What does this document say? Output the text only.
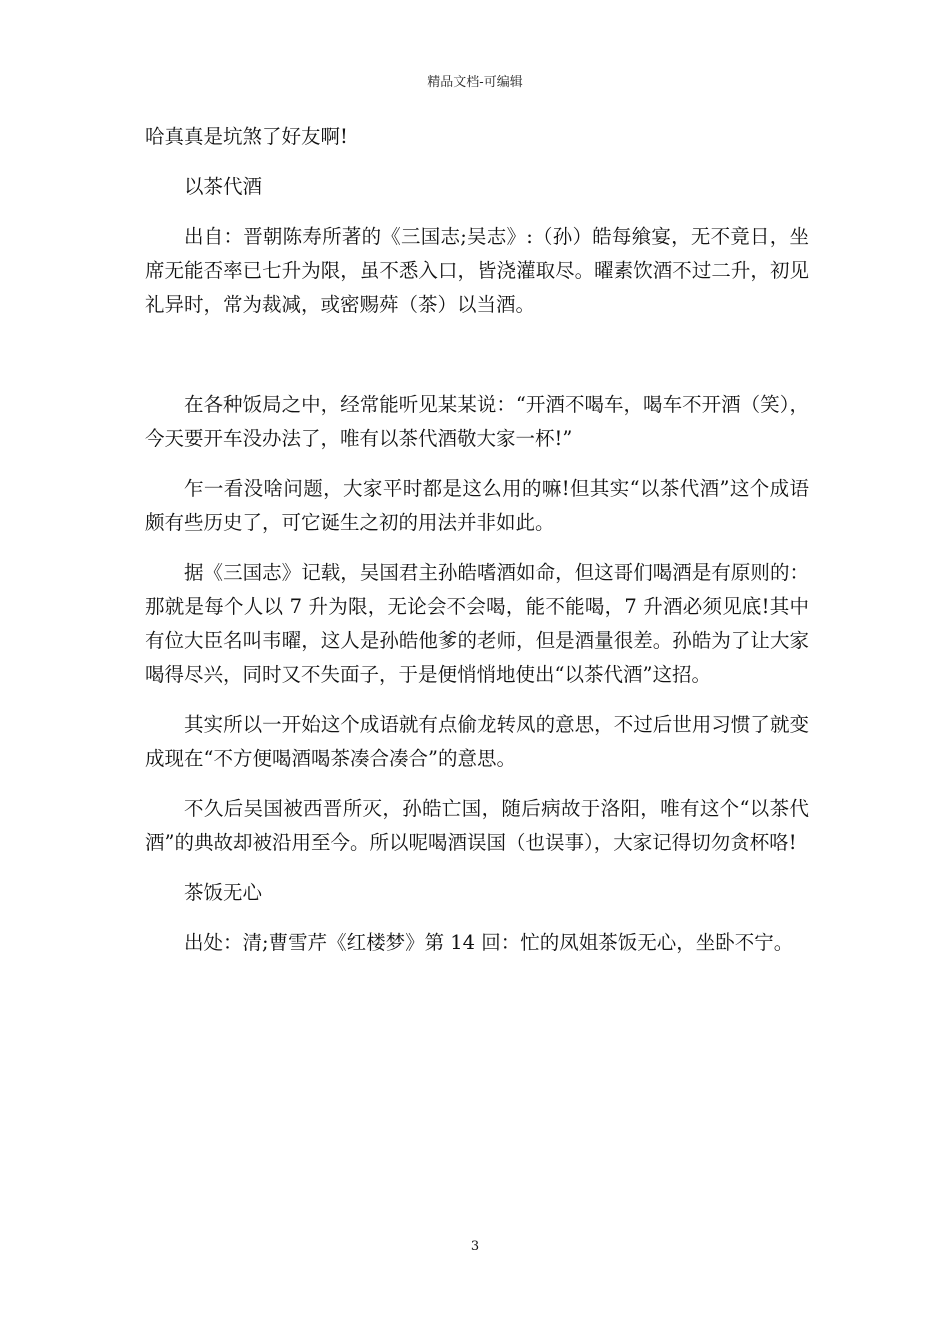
精品文档-可编辑

哈真真是坑煞了好友啊!

以茶代酒

出自：晋朝陈寿所著的《三国志;吴志》:（孙）皓每飨宴，无不竟日，坐席无能否率已七升为限，虽不悉入口，皆浇灌取尽。曜素饮酒不过二升，初见礼异时，常为裁减，或密赐荈（茶）以当酒。

在各种饭局之中，经常能听见某某说：“开酒不喝车，喝车不开酒（笑），今天要开车没办法了，唯有以茶代酒敬大家一杯!”

乍一看没啥问题，大家平时都是这么用的嘛!但其实“以茶代酒”这个成语颇有些历史了，可它诞生之初的用法并非如此。

据《三国志》记载，吴国君主孙皓嗜酒如命，但这哥们喝酒是有原则的：那就是每个人以 7 升为限，无论会不会喝，能不能喝，7 升酒必须见底!其中有位大臣名叫韦曜，这人是孙皓他爹的老师，但是酒量很差。孙皓为了让大家喝得尽兴，同时又不失面子，于是便悄悄地使出“以茶代酒”这招。

其实所以一开始这个成语就有点偷龙转凤的意思，不过后世用习惯了就变成现在“不方便喝酒喝茶凑合凑合”的意思。

不久后吴国被西晋所灭，孙皓亡国，随后病故于洛阳，唯有这个“以茶代酒”的典故却被沿用至今。所以呢喝酒误国（也误事），大家记得切勿贪杯咯!

茶饭无心

出处：清;曹雪芹《红楼梦》第 14 回：忙的凤姐茶饭无心，坐卧不宁。

3
